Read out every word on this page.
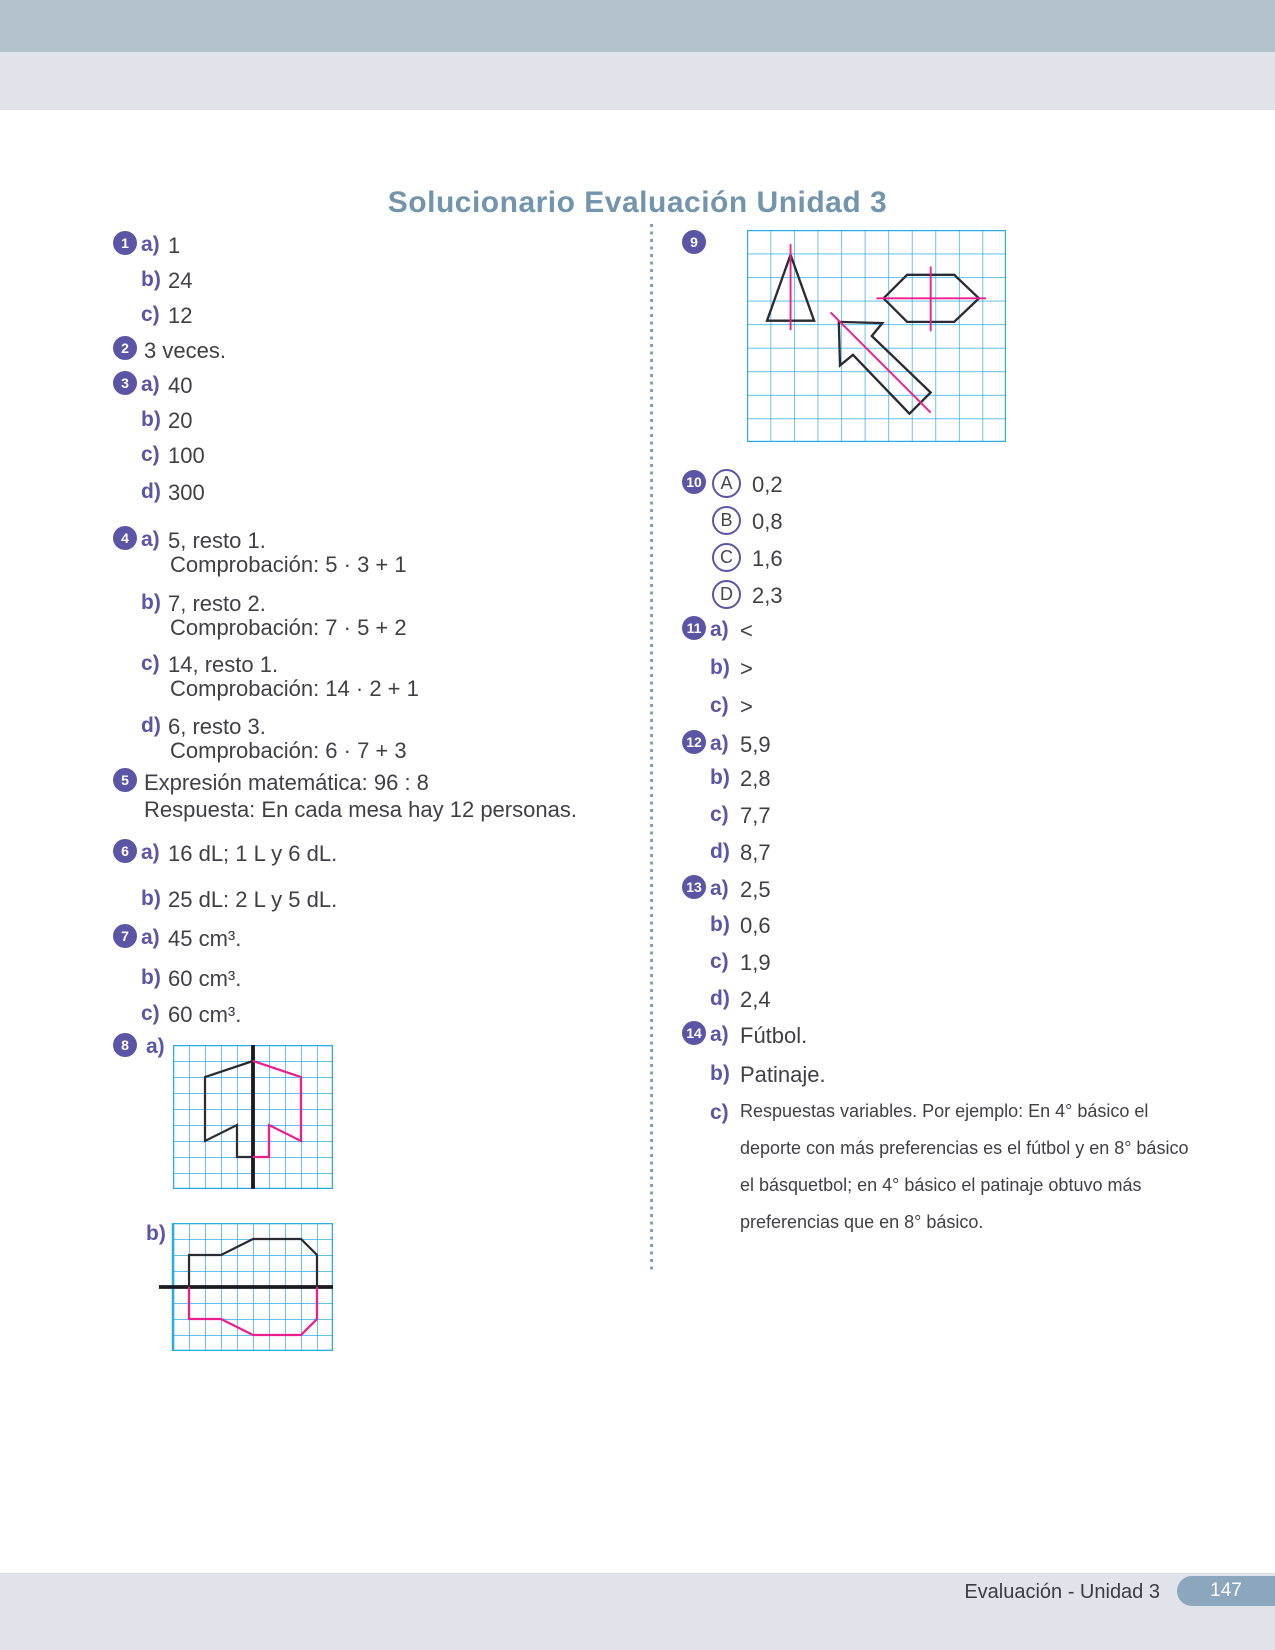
Solucionario Evaluación Unidad 3
1 a) 1
b) 24
c) 12
2 3 veces.
3 a) 40
b) 20
c) 100
d) 300
4 a) 5, resto 1.
Comprobación: 5 · 3 + 1
b) 7, resto 2.
Comprobación: 7 · 5 + 2
c) 14, resto 1.
Comprobación: 14 · 2 + 1
d) 6, resto 3.
Comprobación: 6 · 7 + 3
5 Expresión matemática: 96 : 8
Respuesta: En cada mesa hay 12 personas.
6 a) 16 dL; 1 L y 6 dL.
b) 25 dL: 2 L y 5 dL.
7 a) 45 cm³.
b) 60 cm³.
c) 60 cm³.
8 a)
b)
9
10	A 0,2
B 0,8
C 1,6
D 2,3
11 a) <
b) >
c) >
12 a) 5,9
b) 2,8
c) 7,7
d) 8,7
13 a) 2,5
b) 0,6
c) 1,9
d) 2,4
14 a) Fútbol.
b) Patinaje.
c) Respuestas variables. Por ejemplo: En 4° básico el
deporte con más preferencias es el fútbol y en 8° básico
el básquetbol; en 4° básico el patinaje obtuvo más
preferencias que en 8° básico.
Evaluación - Unidad 3	147
